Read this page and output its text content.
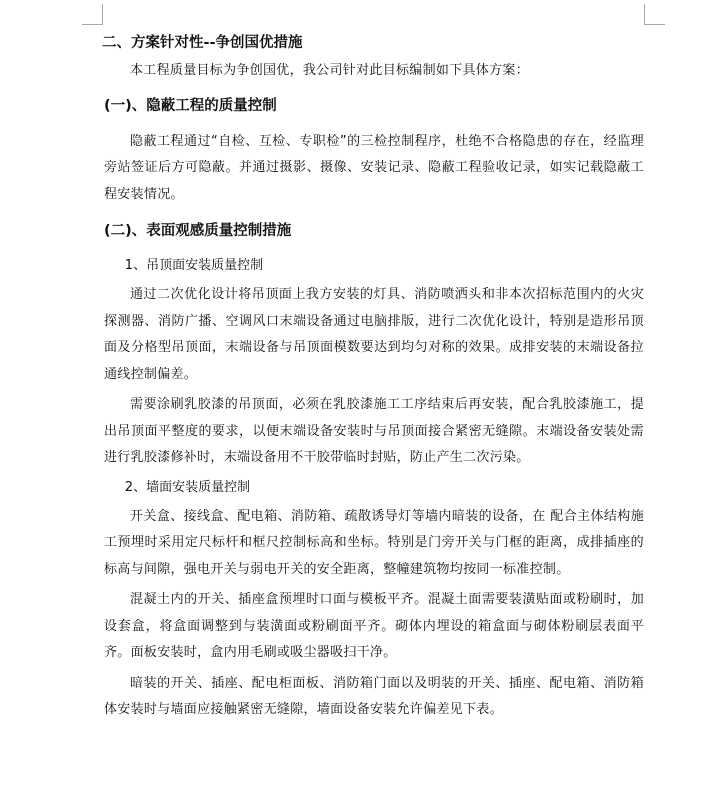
二、方案针对性--争创国优措施
本工程质量目标为争创国优，我公司针对此目标编制如下具体方案：
(一)、隐蔽工程的质量控制
隐蔽工程通过“自检、互检、专职检”的三检控制程序，杜绝不合格隐患的存在，经监理旁站签证后方可隐蔽。并通过摄影、摄像、安装记录、隐蔽工程验收记录，如实记载隐蔽工程安装情况。
(二)、表面观感质量控制措施
1、吊顶面安装质量控制
通过二次优化设计将吊顶面上我方安装的灯具、消防喷洒头和非本次招标范围内的火灾探测器、消防广播、空调风口末端设备通过电脑排版，进行二次优化设计，特别是造形吊顶面及分格型吊顶面，末端设备与吊顶面模数要达到均匀对称的效果。成排安装的末端设备拉通线控制偏差。
需要涂刷乳胶漆的吊顶面，必须在乳胶漆施工工序结束后再安装，配合乳胶漆施工，提出吊顶面平整度的要求，以便末端设备安装时与吊顶面接合紧密无缝隙。末端设备安装处需进行乳胶漆修补时，末端设备用不干胶带临时封贴，防止产生二次污染。
2、墙面安装质量控制
开关盒、接线盒、配电箱、消防箱、疏散诱导灯等墙内暗装的设备，在 配合主体结构施工预埋时采用定尺标杆和框尺控制标高和坐标。特别是门旁开关与门框的距离，成排插座的标高与间隙，强电开关与弱电开关的安全距离，整幢建筑物均按同一标准控制。
混凝土内的开关、插座盒预埋时口面与模板平齐。混凝土面需要装潢贴面或粉刷时，加设套盒，将盒面调整到与装潢面或粉刷面平齐。砌体内埋设的箱盒面与砌体粉刷层表面平齐。面板安装时，盒内用毛刷或吸尘器吸扫干净。
暗装的开关、插座、配电柜面板、消防箱门面以及明装的开关、插座、配电箱、消防箱体安装时与墙面应接触紧密无缝隙，墙面设备安装允许偏差见下表。
